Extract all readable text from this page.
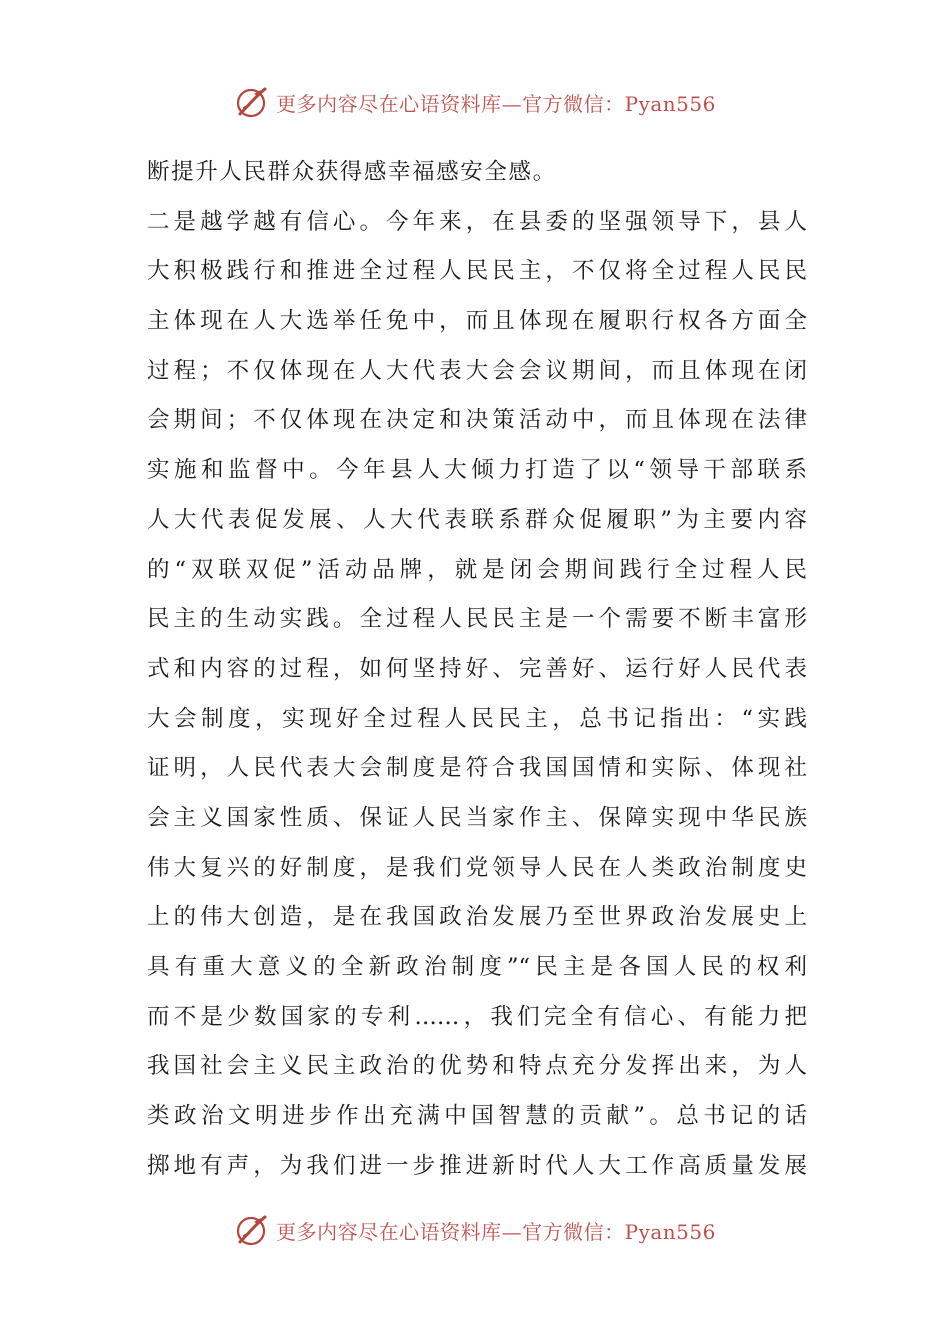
更多内容尽在心语资料库—官方微信：Pyan556
断提升人民群众获得感幸福感安全感。
二是越学越有信心。今年来，在县委的坚强领导下，县人
大积极践行和推进全过程人民民主，不仅将全过程人民民
主体现在人大选举任免中，而且体现在履职行权各方面全
过程；不仅体现在人大代表大会会议期间，而且体现在闭
会期间；不仅体现在决定和决策活动中，而且体现在法律
实施和监督中。今年县人大倾力打造了以“领导干部联系
人大代表促发展、人大代表联系群众促履职”为主要内容
的“双联双促”活动品牌，就是闭会期间践行全过程人民
民主的生动实践。全过程人民民主是一个需要不断丰富形
式和内容的过程，如何坚持好、完善好、运行好人民代表
大会制度，实现好全过程人民民主，总书记指出：“实践
证明，人民代表大会制度是符合我国国情和实际、体现社
会主义国家性质、保证人民当家作主、保障实现中华民族
伟大复兴的好制度，是我们党领导人民在人类政治制度史
上的伟大创造，是在我国政治发展乃至世界政治发展史上
具有重大意义的全新政治制度”“民主是各国人民的权利
而不是少数国家的专利……，我们完全有信心、有能力把
我国社会主义民主政治的优势和特点充分发挥出来，为人
类政治文明进步作出充满中国智慧的贡献”。总书记的话
掷地有声，为我们进一步推进新时代人大工作高质量发展
更多内容尽在心语资料库—官方微信：Pyan556
